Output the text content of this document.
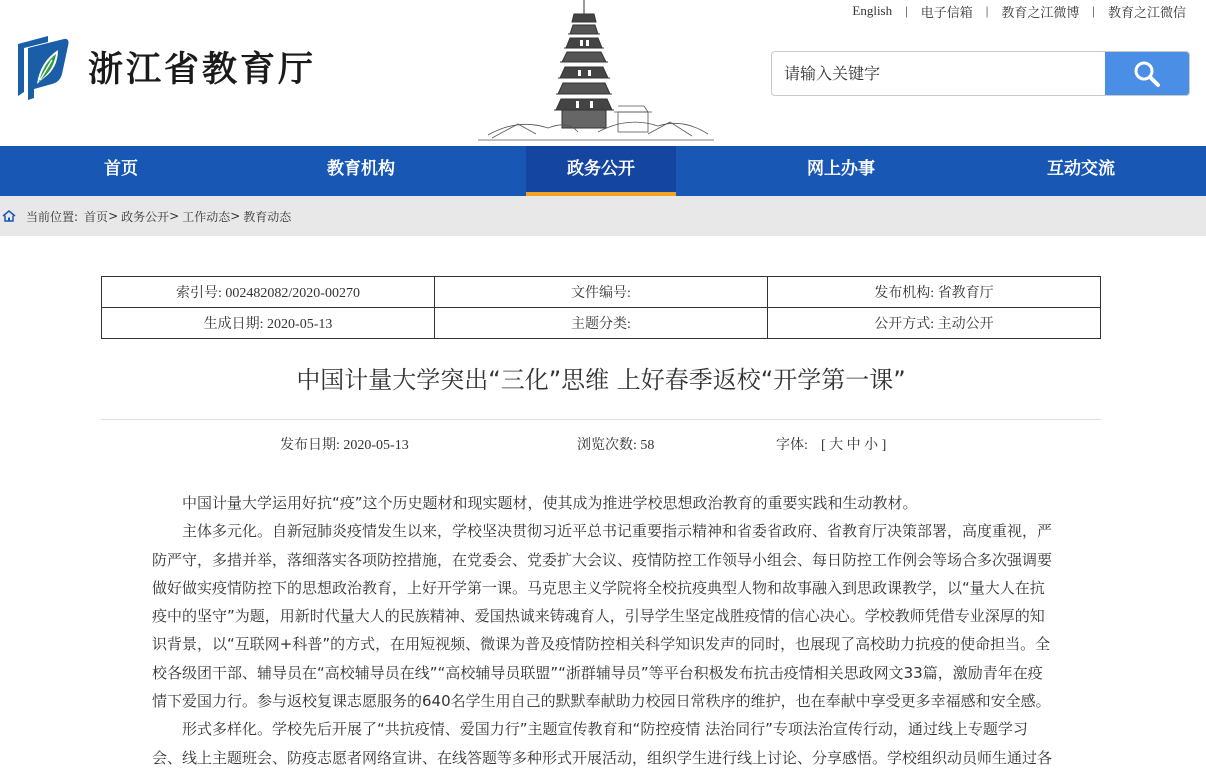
English | 电子信箱 | 教育之江微博 | 教育之江微信
浙江省教育厅
请输入关键字
首页	教育机构	政务公开	网上办事	互动交流
当前位置: 首页 > 政务公开 > 工作动态 > 教育动态
索引号: 002482082/2020-00270	文件编号:	发布机构: 省教育厅
生成日期: 2020-05-13	主题分类:	公开方式: 主动公开
中国计量大学突出“三化”思维 上好春季返校“开学第一课”
发布日期: 2020-05-13	浏览次数: 58	字体: [ 大 中 小 ]

中国计量大学运用好抗“疫”这个历史题材和现实题材，使其成为推进学校思想政治教育的重要实践和生动教材。

主体多元化。自新冠肺炎疫情发生以来，学校坚决贯彻习近平总书记重要指示精神和省委省政府、省教育厅决策部署，高度重视，严防严守，多措并举，落细落实各项防控措施，在党委会、党委扩大会议、疫情防控工作领导小组会、每日防控工作例会等场合多次强调要做好做实疫情防控下的思想政治教育，上好开学第一课。马克思主义学院将全校抗疫典型人物和故事融入到思政课教学，以“量大人在抗疫中的坚守”为题，用新时代量大人的民族精神、爱国热诚来铸魂育人，引导学生坚定战胜疫情的信心决心。学校教师凭借专业深厚的知识背景，以“互联网+科普”的方式，在用短视频、微课为普及疫情防控相关科学知识发声的同时，也展现了高校助力抗疫的使命担当。全校各级团干部、辅导员在“高校辅导员在线”“高校辅导员联盟”“浙群辅导员”等平台积极发布抗击疫情相关思政网文33篇，激励青年在疫情下爱国力行。参与返校复课志愿服务的640名学生用自己的默默奉献助力校园日常秩序的维护，也在奉献中享受更多幸福感和安全感。

形式多样化。学校先后开展了“共抗疫情、爱国力行”主题宣传教育和“防控疫情 法治同行”专项法治宣传行动，通过线上专题学习会、线上主题班会、防疫志愿者网络宣讲、在线答题等多种形式开展活动，组织学生进行线上讨论、分享感悟。学校组织动员师生通过各
